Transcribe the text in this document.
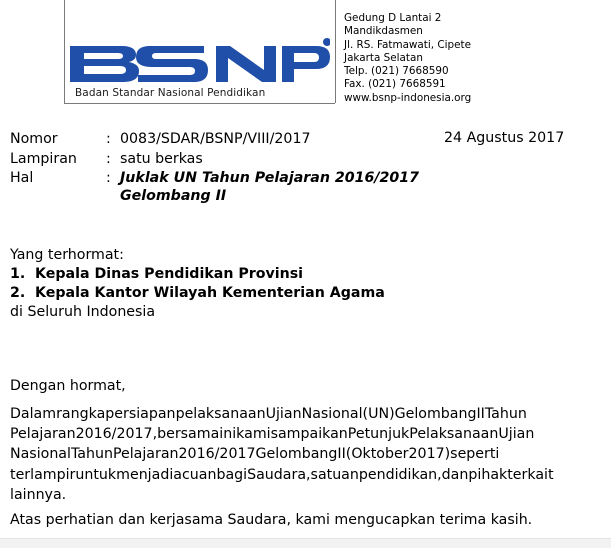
Badan Standar Nasional Pendidikan
Gedung D Lantai 2
Mandikdasmen
Jl. RS. Fatmawati, Cipete
Jakarta Selatan
Telp. (021) 7668590
Fax. (021) 7668591
www.bsnp-indonesia.org
Nomor	: 0083/SDAR/BSNP/VIII/2017	24 Agustus 2017
Lampiran : satu berkas
Hal	: Juklak UN Tahun Pelajaran 2016/2017
Gelombang II
Yang terhormat:
1. Kepala Dinas Pendidikan Provinsi
2. Kepala Kantor Wilayah Kementerian Agama
di Seluruh Indonesia
Dengan hormat,
DalamrangkapersiapanpelaksanaanUjianNasional(UN)GelombangIITahun
Pelajaran2016/2017,bersamainikamisampaikanPetunjukPelaksanaanUjian
NasionalTahunPelajaran2016/2017GelombangII(Oktober2017)seperti
terlampiruntukmenjadiacuanbagiSaudara,satuanpendidikan,danpihakterkait
lainnya.
Atas perhatian dan kerjasama Saudara, kami mengucapkan terima kasih.
